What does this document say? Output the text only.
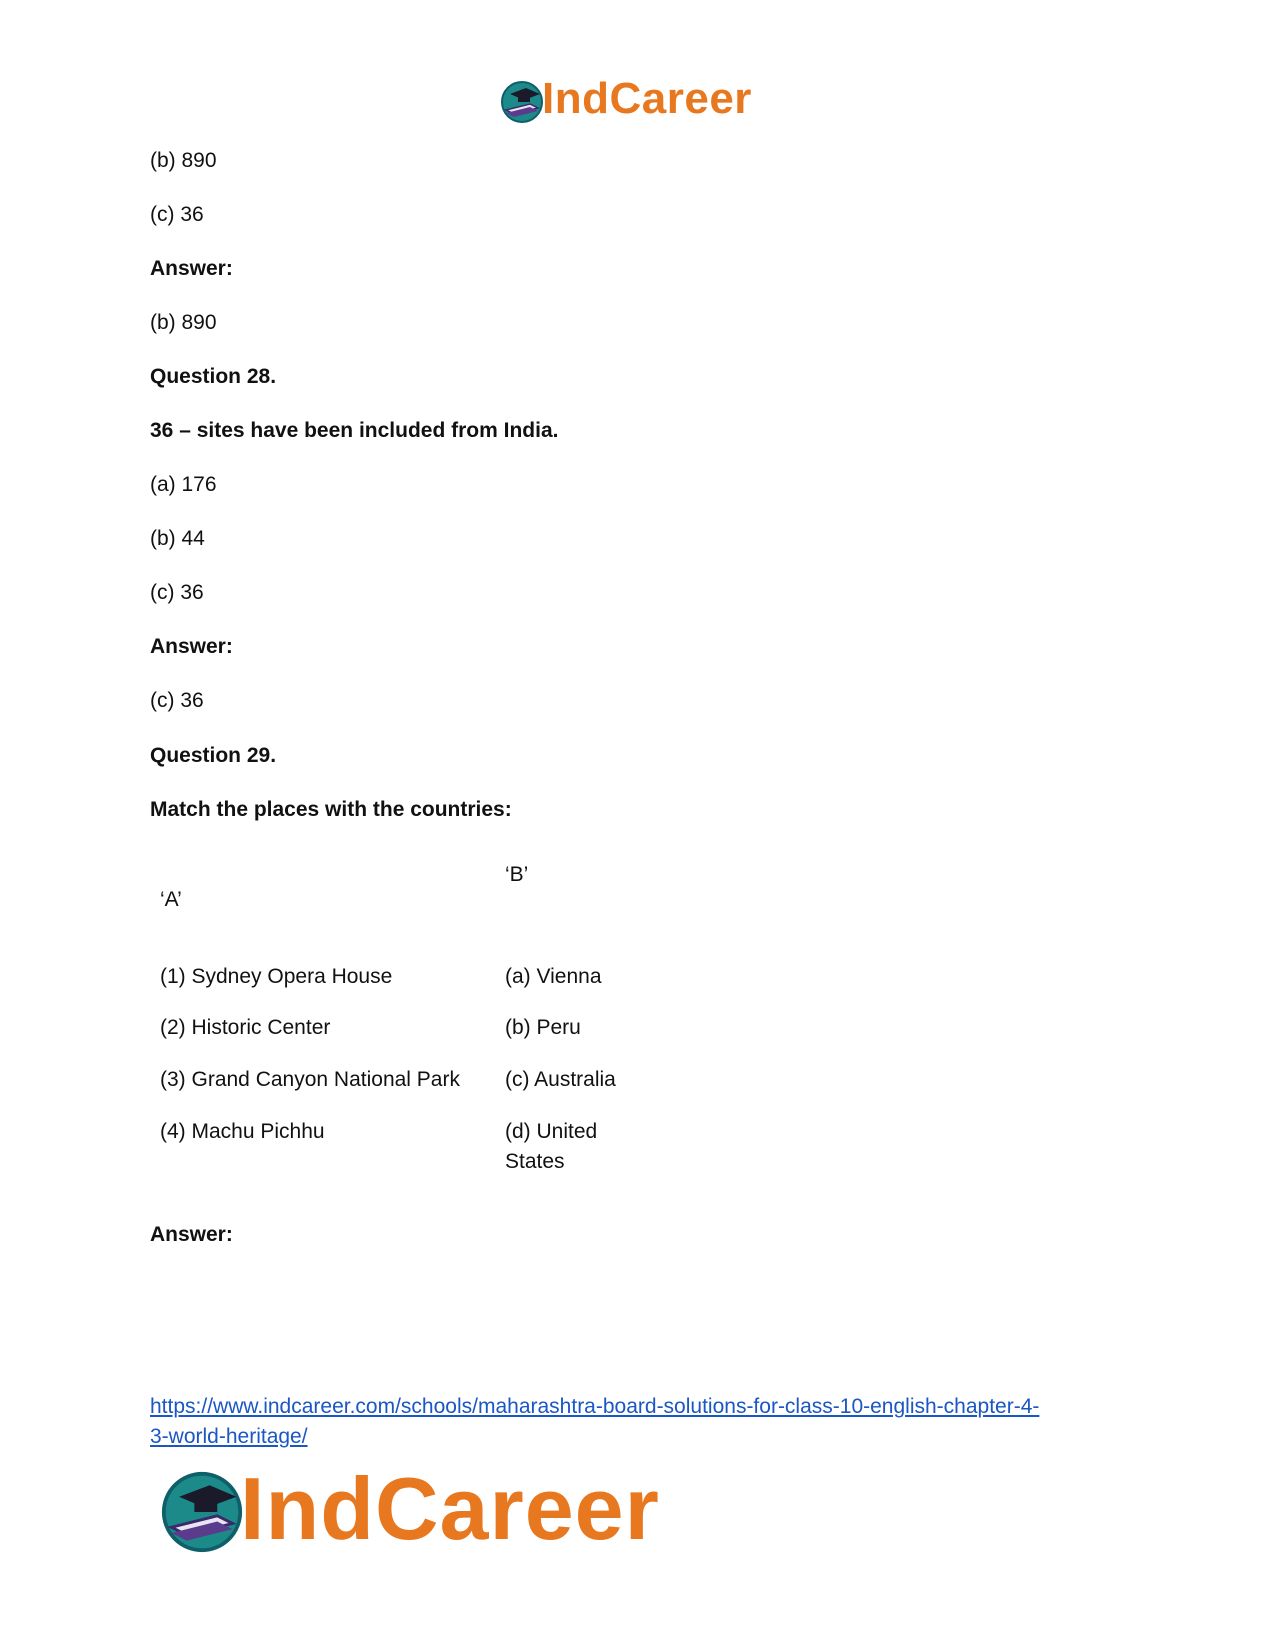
IndCareer
(b) 890
(c) 36
Answer:
(b) 890
Question 28.
36 – sites have been included from India.
(a) 176
(b) 44
(c) 36
Answer:
(c) 36
Question 29.
Match the places with the countries:
‘A’
‘B’
(1) Sydney Opera House	(a) Vienna
(2) Historic Center	(b) Peru
(3) Grand Canyon National Park (c) Australia
(4) Machu Pichhu	(d) United
States
Answer:
https://www.indcareer.com/schools/maharashtra-board-solutions-for-class-10-english-chapter-4-
3-world-heritage/
IndCareer
